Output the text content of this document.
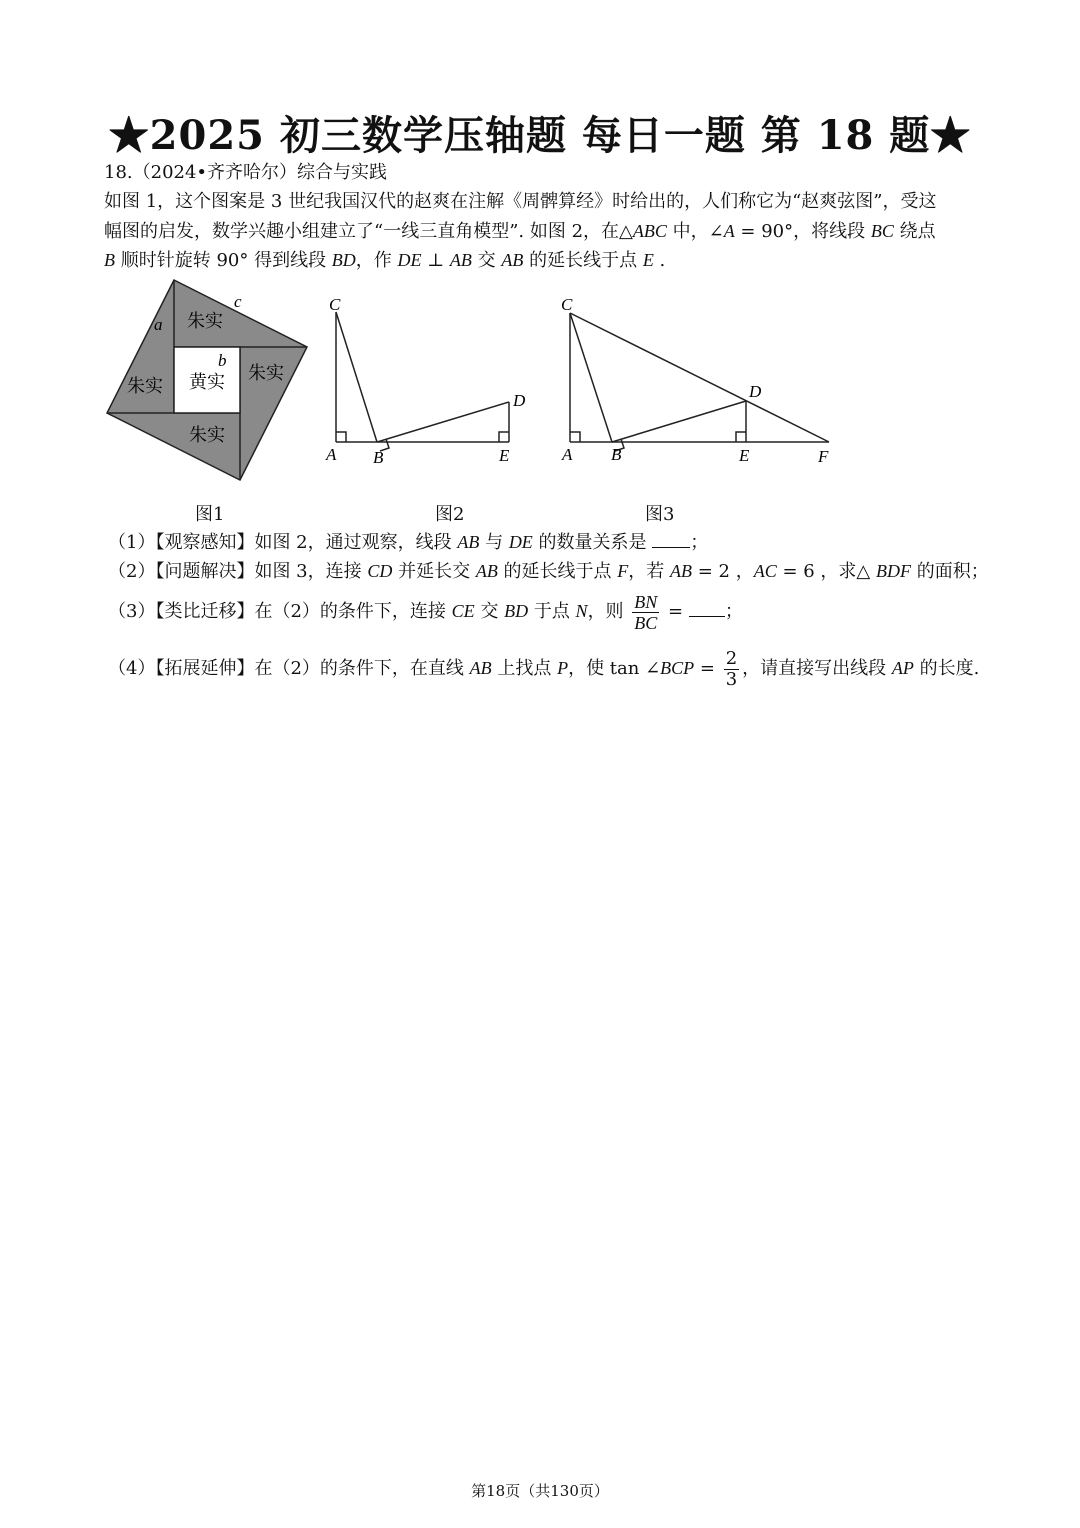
★2025 初三数学压轴题 每日一题 第 18 题★
18.（2024•齐齐哈尔）综合与实践
如图 1，这个图案是 3 世纪我国汉代的赵爽在注解《周髀算经》时给出的，人们称它为“赵爽弦图”，受这
幅图的启发，数学兴趣小组建立了“一线三直角模型”. 如图 2，在△ABC 中，∠A = 90°，将线段 BC 绕点
B 顺时针旋转 90° 得到线段 BD，作 DE ⊥ AB 交 AB 的延长线于点 E .
朱实
朱实
朱实
朱实 黄实
a
b
c	C
D
A B	E
C
D
A B	E	F
图1	图2	图3
（1）【观察感知】如图 2，通过观察，线段 AB 与 DE 的数量关系是 ；
（2）【问题解决】如图 3，连接 CD 并延长交 AB 的延长线于点 F，若 AB = 2 ，AC = 6 ，求△ BDF 的面积；
（3）【类比迁移】在（2）的条件下，连接 CE 交 BD 于点 N，则 $\frac{BN}{BC}$ = ；
（4）【拓展延伸】在（2）的条件下，在直线 AB 上找点 P，使 tan ∠BCP = $\frac{2}{3}$ ，请直接写出线段 AP 的长度.
第18页（共130页）
